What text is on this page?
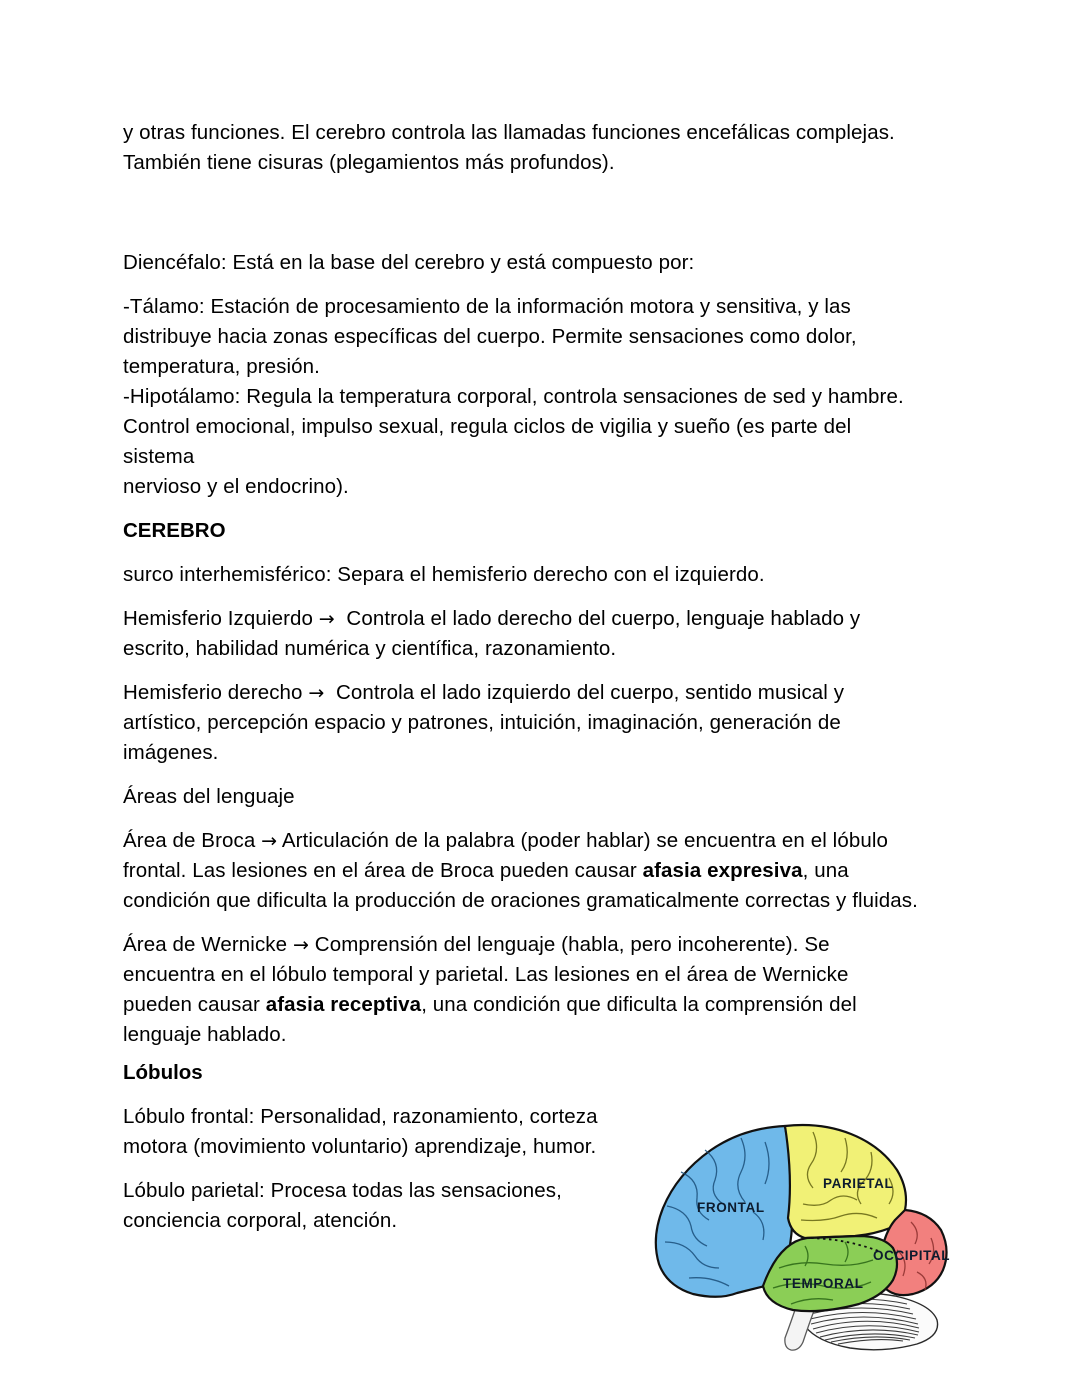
y otras funciones. El cerebro controla las llamadas funciones encefálicas complejas.
También tiene cisuras (plegamientos más profundos).

Diencéfalo: Está en la base del cerebro y está compuesto por:

-Tálamo: Estación de procesamiento de la información motora y sensitiva, y las
distribuye hacia zonas específicas del cuerpo. Permite sensaciones como dolor,
temperatura, presión.

-Hipotálamo: Regula la temperatura corporal, controla sensaciones de sed y hambre.
Control emocional, impulso sexual, regula ciclos de vigilia y sueño (es parte del sistema
nervioso y el endocrino).

CEREBRO

surco interhemisférico: Separa el hemisferio derecho con el izquierdo.

Hemisferio Izquierdo → Controla el lado derecho del cuerpo, lenguaje hablado y escrito, habilidad numérica y científica, razonamiento.

Hemisferio derecho → Controla el lado izquierdo del cuerpo, sentido musical y artístico, percepción espacio y patrones, intuición, imaginación, generación de imágenes.

Áreas del lenguaje

Área de Broca → Articulación de la palabra (poder hablar) se encuentra en el lóbulo frontal. Las lesiones en el área de Broca pueden causar afasia expresiva, una condición que dificulta la producción de oraciones gramaticalmente correctas y fluidas.

Área de Wernicke → Comprensión del lenguaje (habla, pero incoherente). Se encuentra en el lóbulo temporal y parietal. Las lesiones en el área de Wernicke pueden causar afasia receptiva, una condición que dificulta la comprensión del lenguaje hablado.

Lóbulos

Lóbulo frontal: Personalidad, razonamiento, corteza motora (movimiento voluntario) aprendizaje, humor.

Lóbulo parietal: Procesa todas las sensaciones, conciencia corporal, atención.

FRONTAL
PARIETAL
OCCIPITAL
TEMPORAL
